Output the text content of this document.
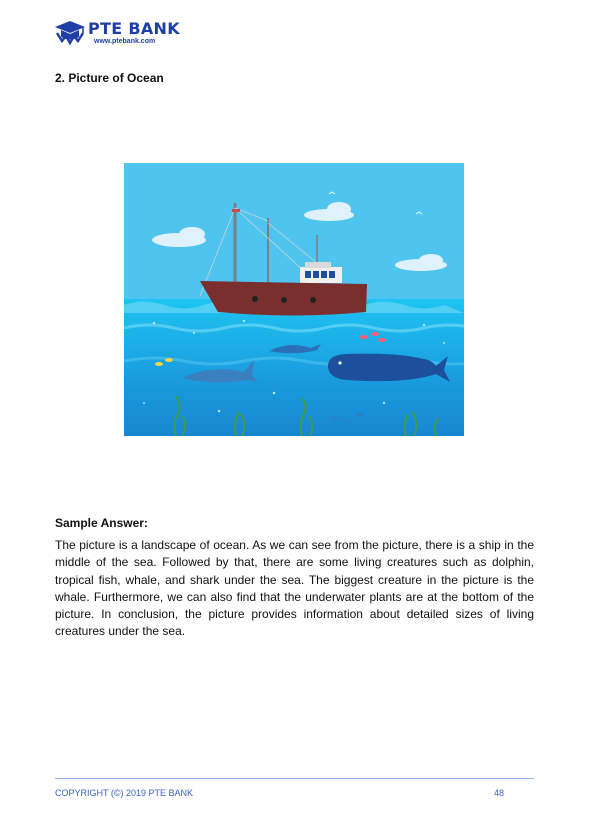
PTE BANK
www.ptebank.com
2. Picture of Ocean
Sample Answer:

The picture is a landscape of ocean. As we can see from the picture, there is a ship in the middle of the sea. Followed by that, there are some living creatures such as dolphin, tropical fish, whale, and shark under the sea. The biggest creature in the picture is the whale. Furthermore, we can also find that the underwater plants are at the bottom of the picture. In conclusion, the picture provides information about detailed sizes of living creatures under the sea.

COPYRIGHT (©) 2019 PTE BANK	48
